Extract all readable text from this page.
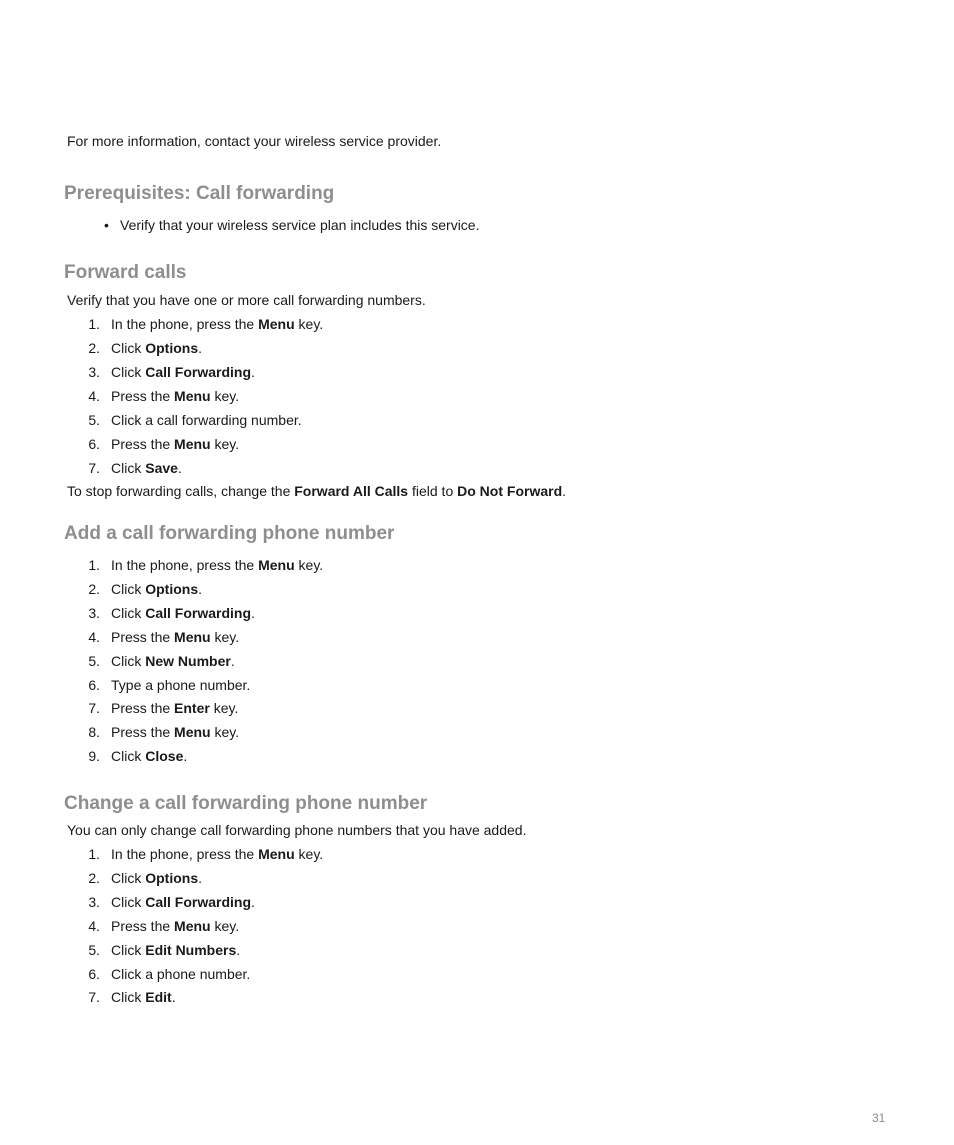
For more information, contact your wireless service provider.
Prerequisites: Call forwarding
• Verify that your wireless service plan includes this service.
Forward calls
Verify that you have one or more call forwarding numbers.
1. In the phone, press the Menu key.
2. Click Options.
3. Click Call Forwarding.
4. Press the Menu key.
5. Click a call forwarding number.
6. Press the Menu key.
7. Click Save.
To stop forwarding calls, change the Forward All Calls field to Do Not Forward.
Add a call forwarding phone number
1. In the phone, press the Menu key.
2. Click Options.
3. Click Call Forwarding.
4. Press the Menu key.
5. Click New Number.
6. Type a phone number.
7. Press the Enter key.
8. Press the Menu key.
9. Click Close.
Change a call forwarding phone number
You can only change call forwarding phone numbers that you have added.
1. In the phone, press the Menu key.
2. Click Options.
3. Click Call Forwarding.
4. Press the Menu key.
5. Click Edit Numbers.
6. Click a phone number.
7. Click Edit.
31
